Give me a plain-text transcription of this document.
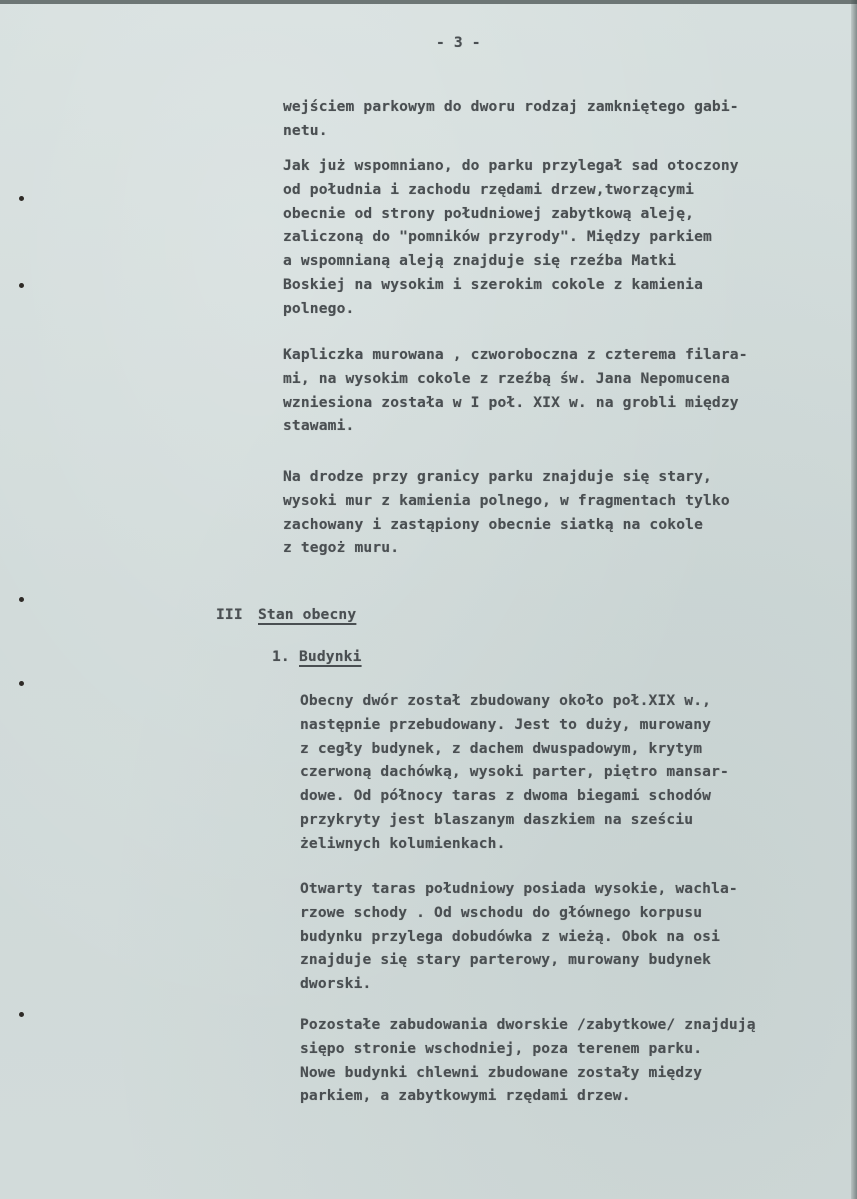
- 3 -
wejściem parkowym do dworu rodzaj zamkniętego gabi-
netu.
Jak już wspomniano, do parku przylegał sad otoczony
od południa i zachodu rzędami drzew,tworzącymi
obecnie od strony południowej zabytkową aleję,
zaliczoną do "pomników przyrody". Między parkiem
a wspomnianą aleją znajduje się rzeźba Matki
Boskiej na wysokim i szerokim cokole z kamienia
polnego.
Kapliczka murowana , czworoboczna z czterema filara-
mi, na wysokim cokole z rzeźbą św. Jana Nepomucena
wzniesiona została w I poł. XIX w. na grobli między
stawami.
Na drodze przy granicy parku znajduje się stary,
wysoki mur z kamienia polnego, w fragmentach tylko
zachowany i zastąpiony obecnie siatką na cokole
z tegoż muru.
III Stan obecny
1. Budynki
Obecny dwór został zbudowany około poł.XIX w.,
następnie przebudowany. Jest to duży, murowany
z cegły budynek, z dachem dwuspadowym, krytym
czerwoną dachówką, wysoki parter, piętro mansar-
dowe. Od północy taras z dwoma biegami schodów
przykryty jest blaszanym daszkiem na sześciu
żeliwnych kolumienkach.
Otwarty taras południowy posiada wysokie, wachla-
rzowe schody . Od wschodu do głównego korpusu
budynku przylega dobudówka z wieżą. Obok na osi
znajduje się stary parterowy, murowany budynek
dworski.
Pozostałe zabudowania dworskie /zabytkowe/ znajdują
siępo stronie wschodniej, poza terenem parku.
Nowe budynki chlewni zbudowane zostały między
parkiem, a zabytkowymi rzędami drzew.
